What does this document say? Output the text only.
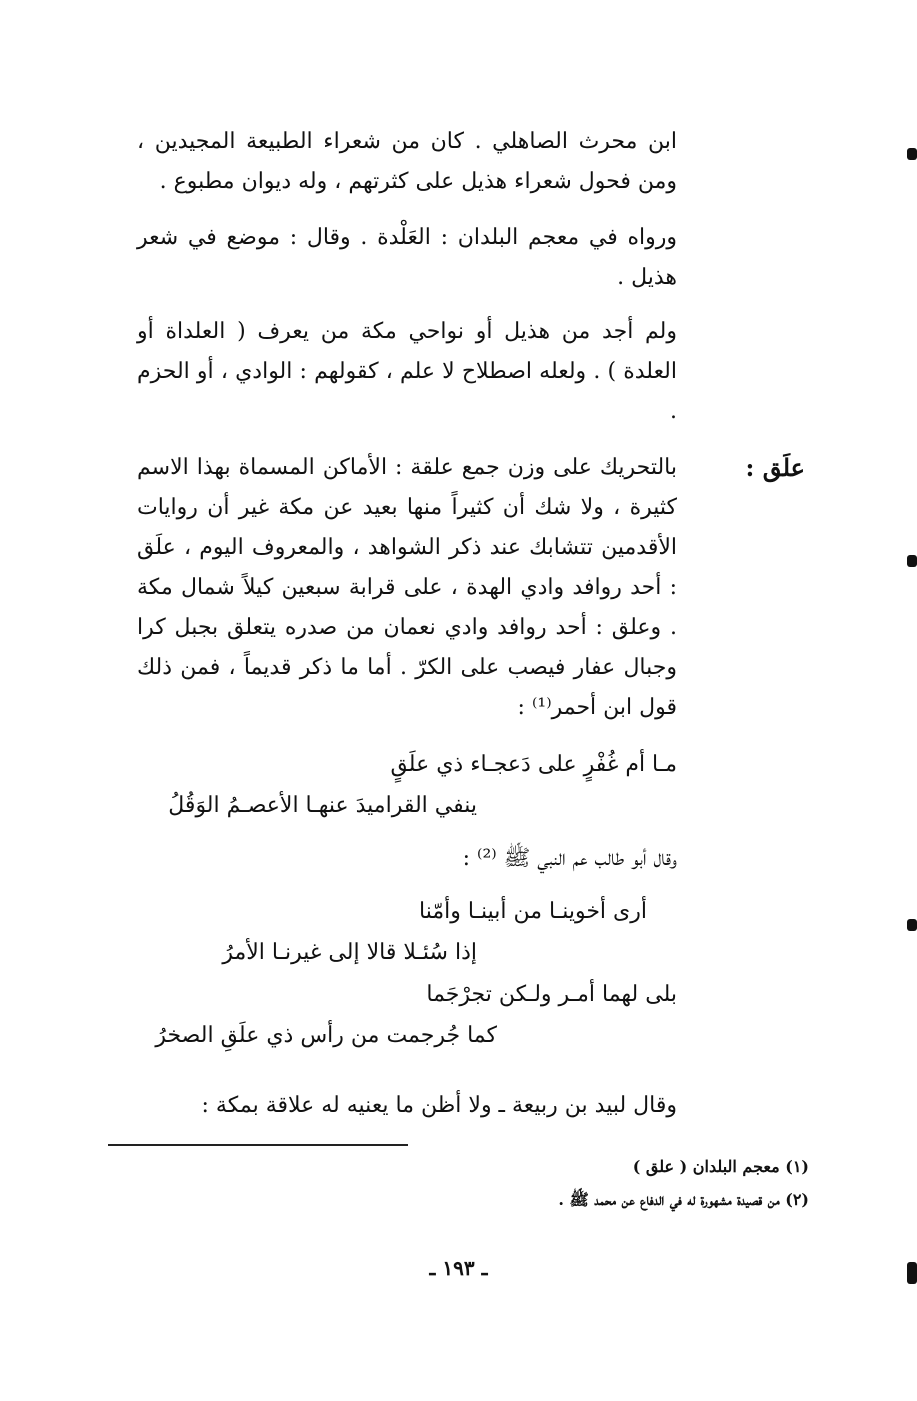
ابن محرث الصاهلي . كان من شعراء الطبيعة المجيدين ، ومن فحول شعراء هذيل على كثرتهم ، وله ديوان مطبوع .

ورواه في معجم البلدان : العَلْدة . وقال : موضع في شعر هذيل .

ولم أجد من هذيل أو نواحي مكة من يعرف ( العلداة أو العلدة ) . ولعله اصطلاح لا علم ، كقولهم : الوادي ، أو الحزم .

علَق :

بالتحريك على وزن جمع علقة : الأماكن المسماة بهذا الاسم كثيرة ، ولا شك أن كثيراً منها بعيد عن مكة غير أن روايات الأقدمين تتشابك عند ذكر الشواهد ، والمعروف اليوم ، علَق : أحد روافد وادي الهدة ، على قرابة سبعين كيلاً شمال مكة . وعلق : أحد روافد وادي نعمان من صدره يتعلق بجبل كرا وجبال عفار فيصب على الكرّ . أما ما ذكر قديماً ، فمن ذلك قول ابن أحمر⁽¹⁾ :

مـا أم غُفْرٍ على دَعجـاء ذي علَقٍ
ينفي القراميدَ عنهـا الأعصـمُ الوَقُلُ
وقال أبو طالب عم النبي ﷺ ⁽²⁾ :
أرى أخوينـا من أبينـا وأمّنا
إذا سُئـلا قالا إلى غيرنـا الأمرُ
بلى لهما أمـر ولـكن تجرْجَما
كما جُرجمت من رأس ذي علَقِ الصخرُ
وقال لبيد بن ربيعة ـ ولا أظن ما يعنيه له علاقة بمكة :
(١) معجم البلدان ( علق )
(٢) من قصيدة مشهورة له في الدفاع عن محمد ﷺ .
ـ ١٩٣ ـ
